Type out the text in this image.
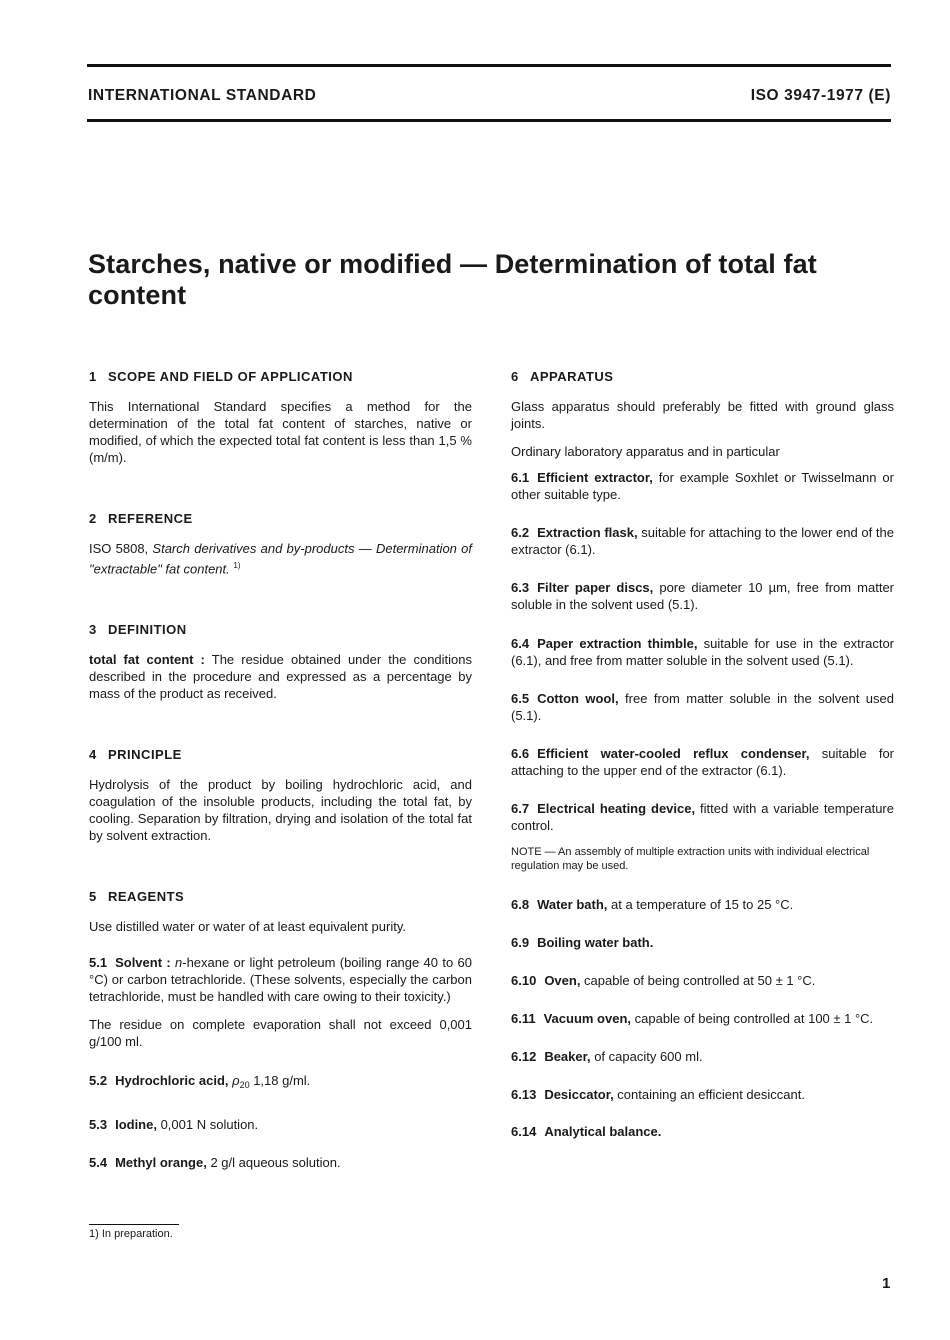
INTERNATIONAL STANDARD	ISO 3947-1977 (E)
Starches, native or modified — Determination of total fat content
1 SCOPE AND FIELD OF APPLICATION

This International Standard specifies a method for the determination of the total fat content of starches, native or modified, of which the expected total fat content is less than 1,5 % (m/m).

2 REFERENCE

ISO 5808, Starch derivatives and by-products — Determination of "extractable" fat content. $^{1)}$

3 DEFINITION

total fat content : The residue obtained under the conditions described in the procedure and expressed as a percentage by mass of the product as received.

4 PRINCIPLE

Hydrolysis of the product by boiling hydrochloric acid, and coagulation of the insoluble products, including the total fat, by cooling. Separation by filtration, drying and isolation of the total fat by solvent extraction.

5 REAGENTS

Use distilled water or water of at least equivalent purity.

5.1 Solvent : n-hexane or light petroleum (boiling range 40 to 60 °C) or carbon tetrachloride. (These solvents, especially the carbon tetrachloride, must be handled with care owing to their toxicity.)

The residue on complete evaporation shall not exceed 0,001 g/100 ml.

5.2 Hydrochloric acid, $\rho_{20}$ 1,18 g/ml.

5.3 Iodine, 0,001 N solution.

5.4 Methyl orange, 2 g/l aqueous solution.

6 APPARATUS

Glass apparatus should preferably be fitted with ground glass joints.

Ordinary laboratory apparatus and in particular

6.1 Efficient extractor, for example Soxhlet or Twisselmann or other suitable type.

6.2 Extraction flask, suitable for attaching to the lower end of the extractor (6.1).

6.3 Filter paper discs, pore diameter 10 µm, free from matter soluble in the solvent used (5.1).

6.4 Paper extraction thimble, suitable for use in the extractor (6.1), and free from matter soluble in the solvent used (5.1).

6.5 Cotton wool, free from matter soluble in the solvent used (5.1).

6.6 Efficient water-cooled reflux condenser, suitable for attaching to the upper end of the extractor (6.1).

6.7 Electrical heating device, fitted with a variable temperature control.

NOTE — An assembly of multiple extraction units with individual electrical regulation may be used.

6.8 Water bath, at a temperature of 15 to 25 °C.

6.9 Boiling water bath.

6.10 Oven, capable of being controlled at 50 ± 1 °C.

6.11 Vacuum oven, capable of being controlled at 100 ± 1 °C.

6.12 Beaker, of capacity 600 ml.

6.13 Desiccator, containing an efficient desiccant.

6.14 Analytical balance.

1) In preparation.
1
